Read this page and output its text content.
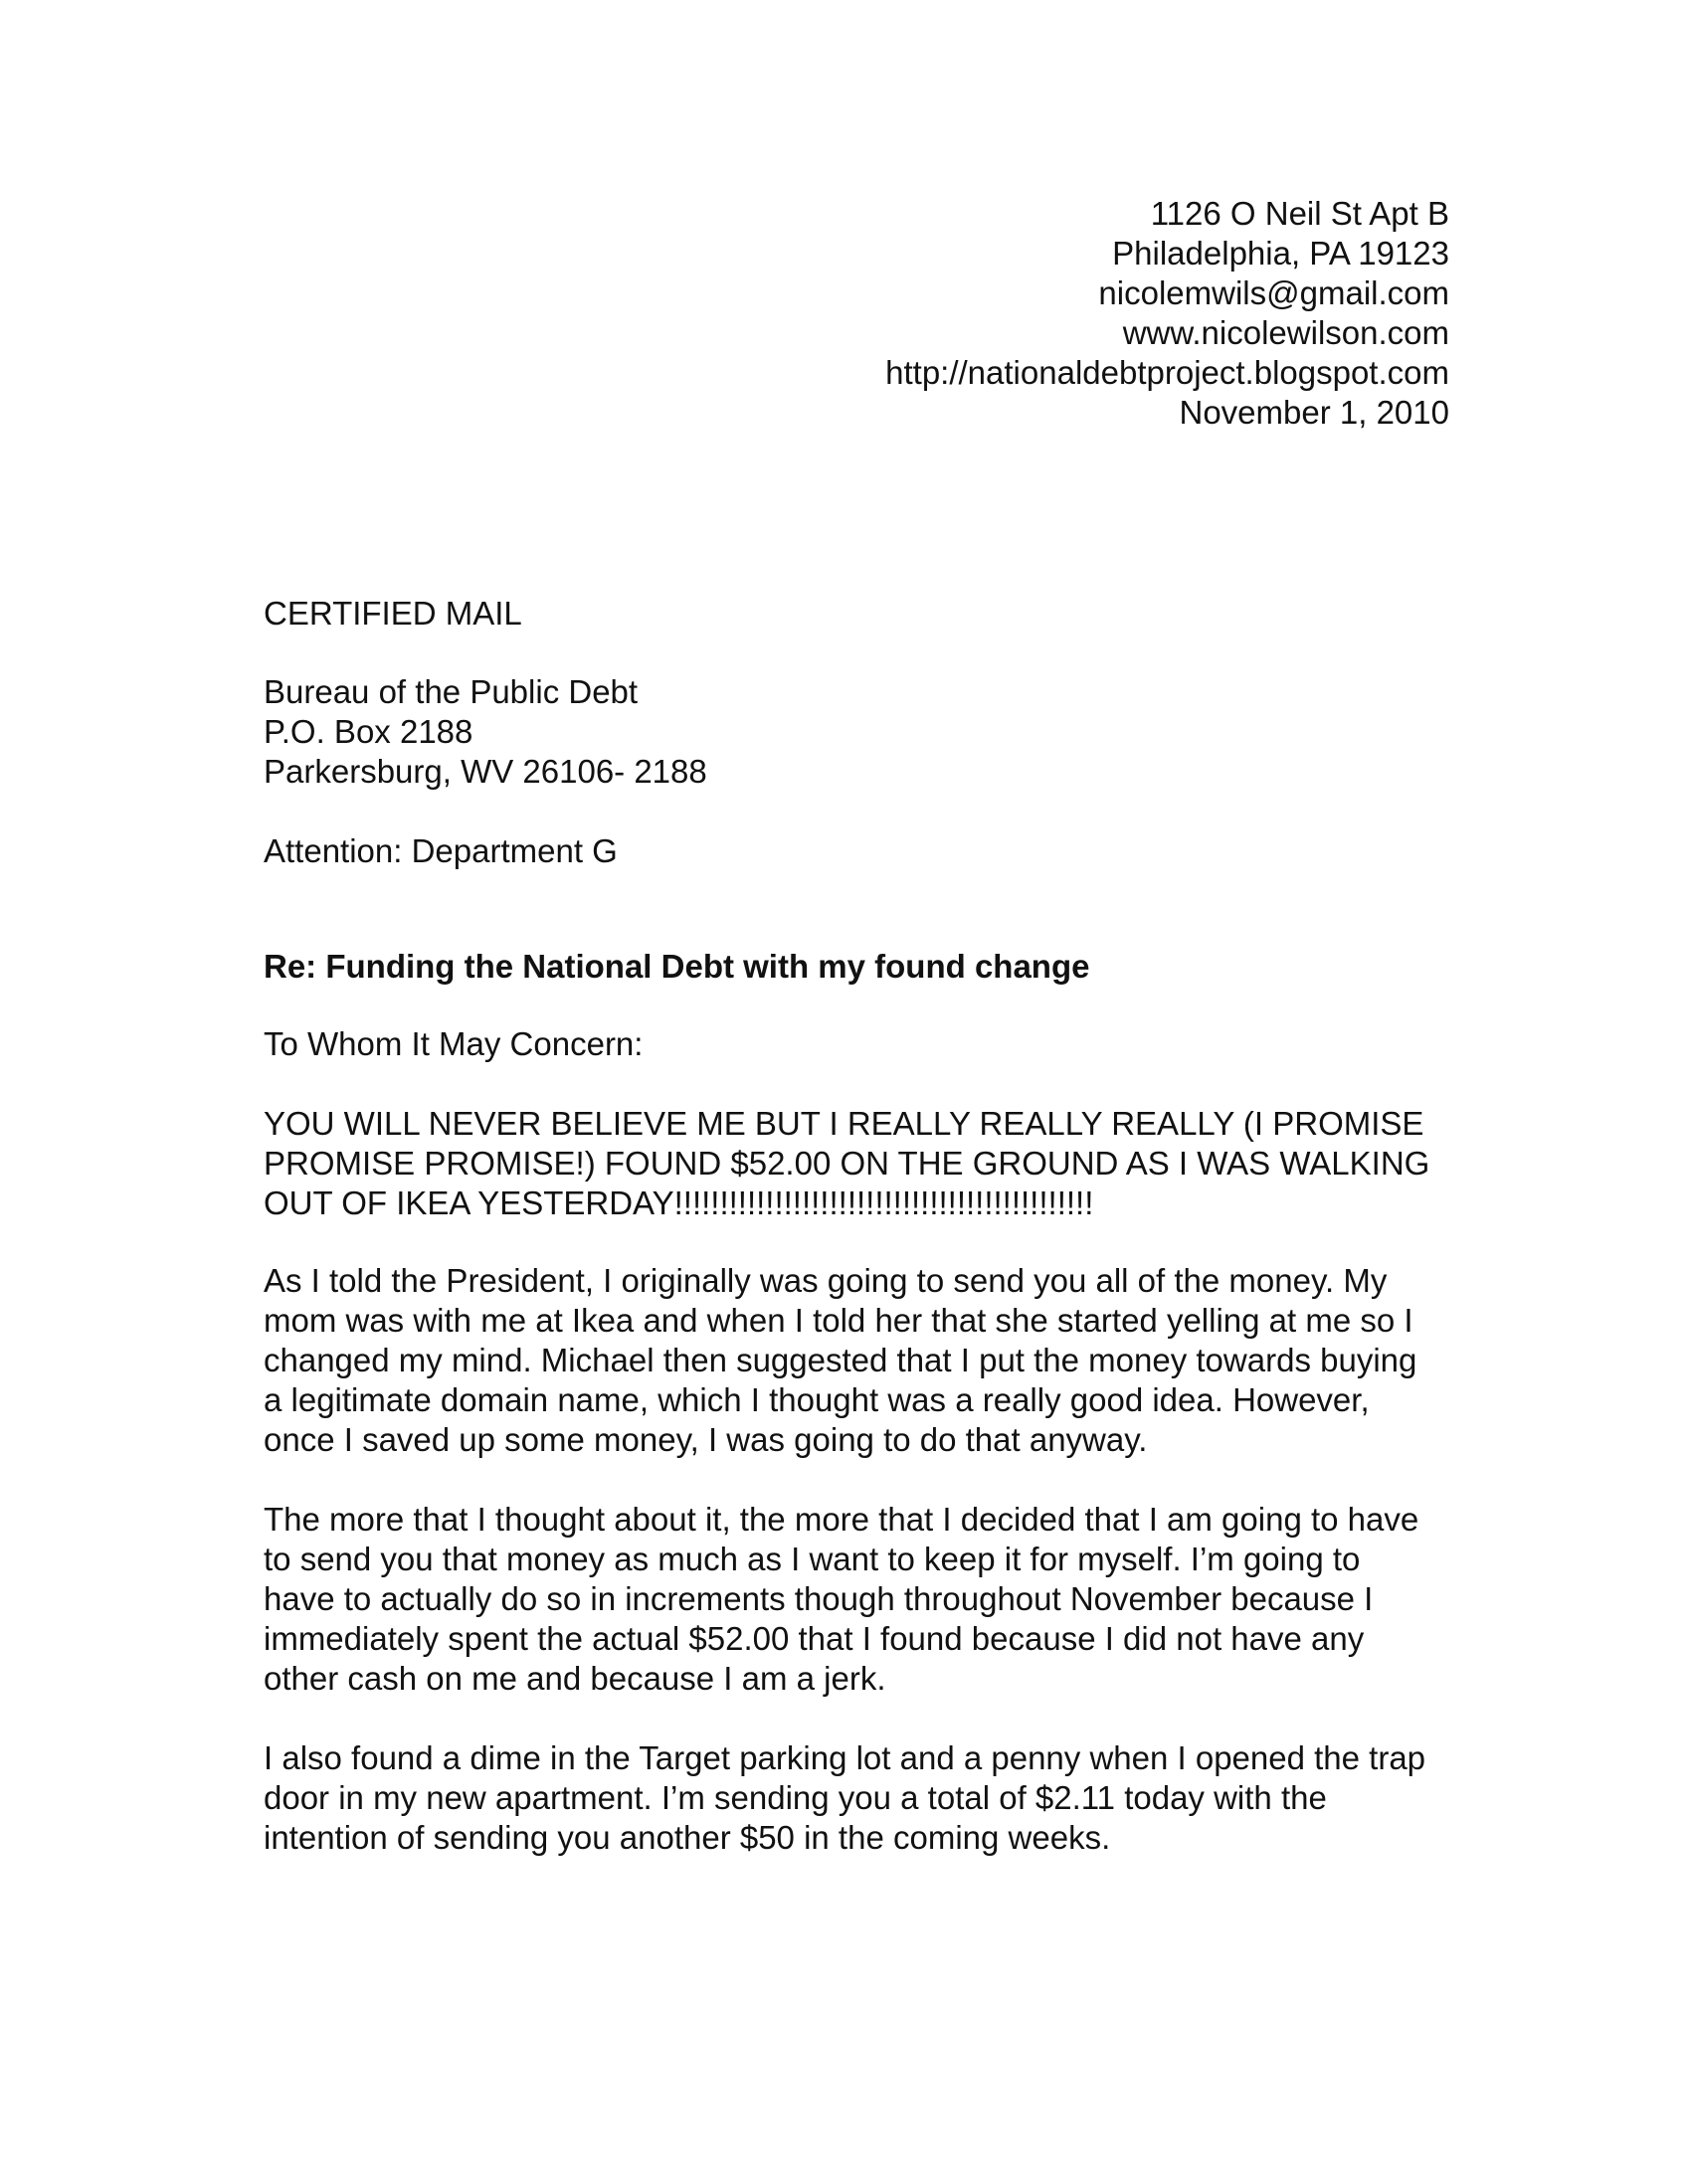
1126 O Neil St Apt B
Philadelphia, PA 19123
nicolemwils@gmail.com
www.nicolewilson.com
http://nationaldebtproject.blogspot.com
November 1, 2010

CERTIFIED MAIL

Bureau of the Public Debt
P.O. Box 2188
Parkersburg, WV 26106- 2188

Attention: Department G

Re: Funding the National Debt with my found change

To Whom It May Concern:

YOU WILL NEVER BELIEVE ME BUT I REALLY REALLY REALLY (I PROMISE
PROMISE PROMISE!) FOUND $52.00 ON THE GROUND AS I WAS WALKING
OUT OF IKEA YESTERDAY!!!!!!!!!!!!!!!!!!!!!!!!!!!!!!!!!!!!!!!!!!!!!!
As I told the President, I originally was going to send you all of the money. My
mom was with me at Ikea and when I told her that she started yelling at me so I
changed my mind. Michael then suggested that I put the money towards buying
a legitimate domain name, which I thought was a really good idea. However,
once I saved up some money, I was going to do that anyway.
The more that I thought about it, the more that I decided that I am going to have
to send you that money as much as I want to keep it for myself. I’m going to
have to actually do so in increments though throughout November because I
immediately spent the actual $52.00 that I found because I did not have any
other cash on me and because I am a jerk.
I also found a dime in the Target parking lot and a penny when I opened the trap
door in my new apartment. I’m sending you a total of $2.11 today with the
intention of sending you another $50 in the coming weeks.
